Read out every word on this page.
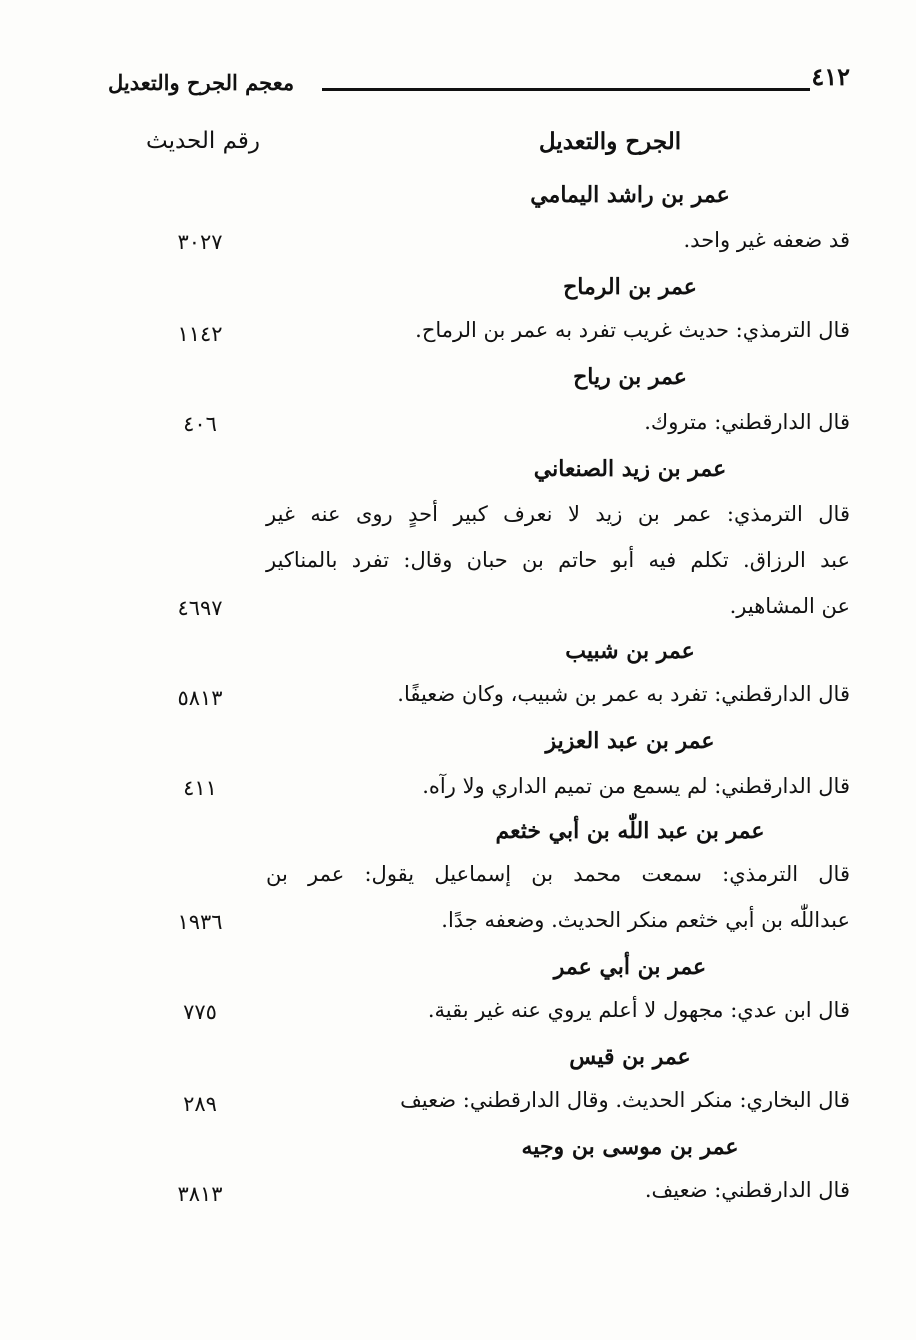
٤١٢
معجم الجرح والتعديل
الجرح والتعديل
رقم الحديث
عمر بن راشد اليمامي
قد ضعفه غير واحد.
٣٠٢٧
عمر بن الرماح
قال الترمذي: حديث غريب تفرد به عمر بن الرماح.
١١٤٢
عمر بن رياح
قال الدارقطني: متروك.
٤٠٦
عمر بن زيد الصنعاني
قال الترمذي: عمر بن زيد لا نعرف كبير أحدٍ روى عنه غير
عبد الرزاق. تكلم فيه أبو حاتم بن حبان وقال: تفرد بالمناكير
عن المشاهير.
٤٦٩٧
عمر بن شبيب
قال الدارقطني: تفرد به عمر بن شبيب، وكان ضعيفًا.
٥٨١٣
عمر بن عبد العزيز
قال الدارقطني: لم يسمع من تميم الداري ولا رآه.
٤١١
عمر بن عبد اللّٰه بن أبي خثعم
قال الترمذي: سمعت محمد بن إسماعيل يقول: عمر بن
عبداللّٰه بن أبي خثعم منكر الحديث. وضعفه جدًا.
١٩٣٦
عمر بن أبي عمر
قال ابن عدي: مجهول لا أعلم يروي عنه غير بقية.
٧٧٥
عمر بن قيس
قال البخاري: منكر الحديث. وقال الدارقطني: ضعيف
٢٨٩
عمر بن موسى بن وجيه
قال الدارقطني: ضعيف.
٣٨١٣
